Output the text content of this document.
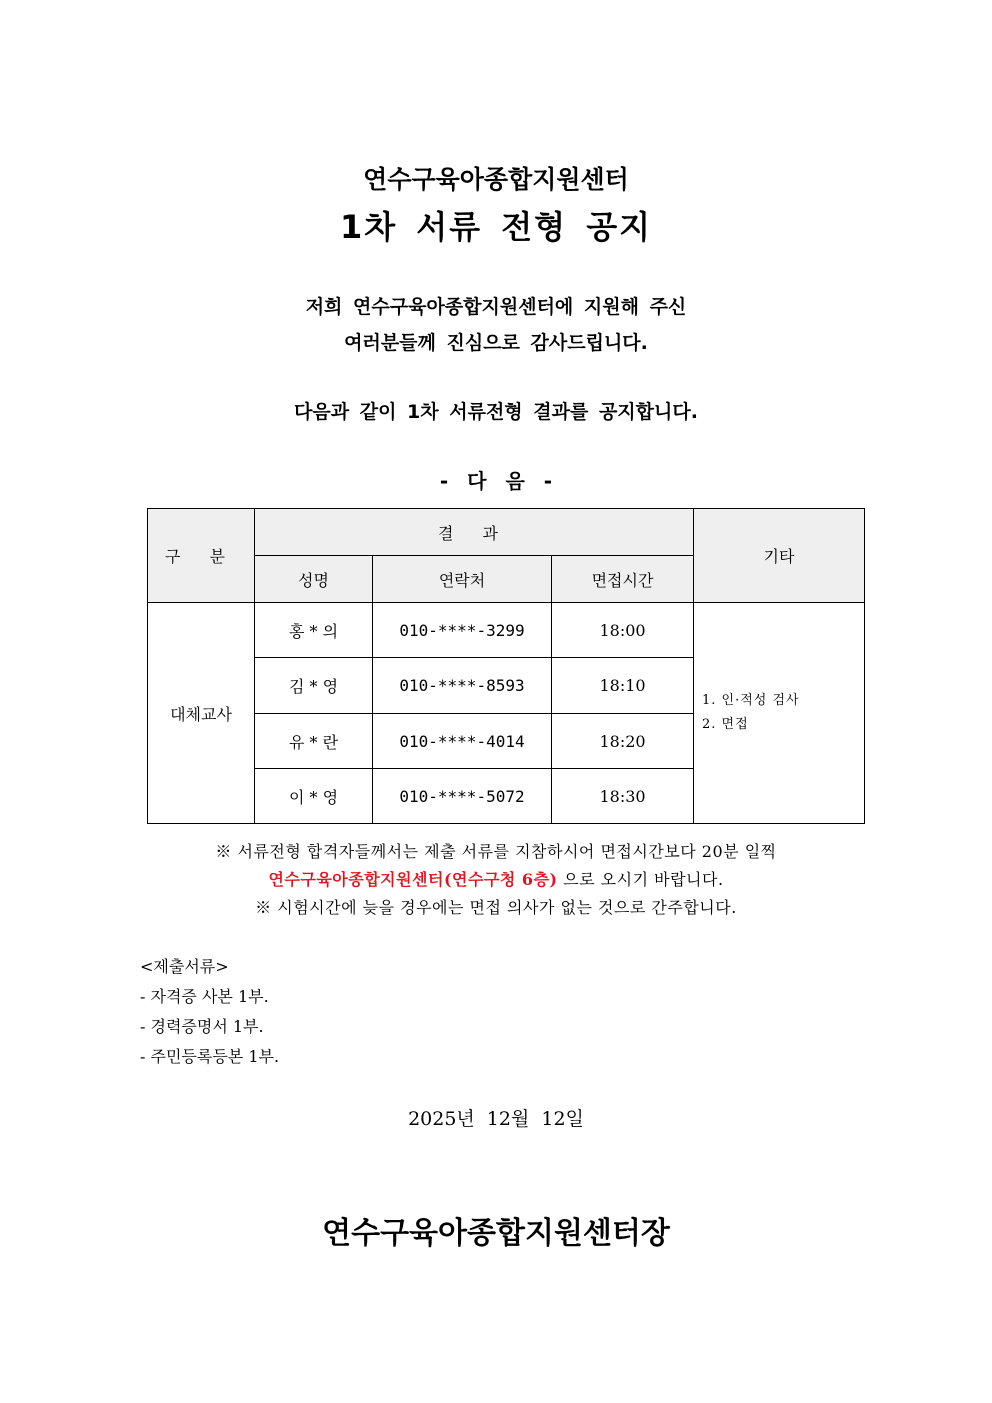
연수구육아종합지원센터
1차 서류 전형 공지
저희 연수구육아종합지원센터에 지원해 주신
여러분들께 진심으로 감사드립니다.
다음과 같이 1차 서류전형 결과를 공지합니다.
- 다 음 -
구 분	결 과			기타
	성명	연락처	면접시간	
대체교사	홍 * 의	010-****-3299	18:00	1. 인·적성 검사
2. 면접

	김 * 영	010-****-8593	18:10	
	유 * 란	010-****-4014	18:20	
	이 * 영	010-****-5072	18:30	
※ 서류전형 합격자들께서는 제출 서류를 지참하시어 면접시간보다 20분 일찍
연수구육아종합지원센터(연수구청 6층) 으로 오시기 바랍니다.
※ 시험시간에 늦을 경우에는 면접 의사가 없는 것으로 간주합니다.
<제출서류>
- 자격증 사본 1부.
- 경력증명서 1부.
- 주민등록등본 1부.
2025년 12월 12일
연수구육아종합지원센터장
